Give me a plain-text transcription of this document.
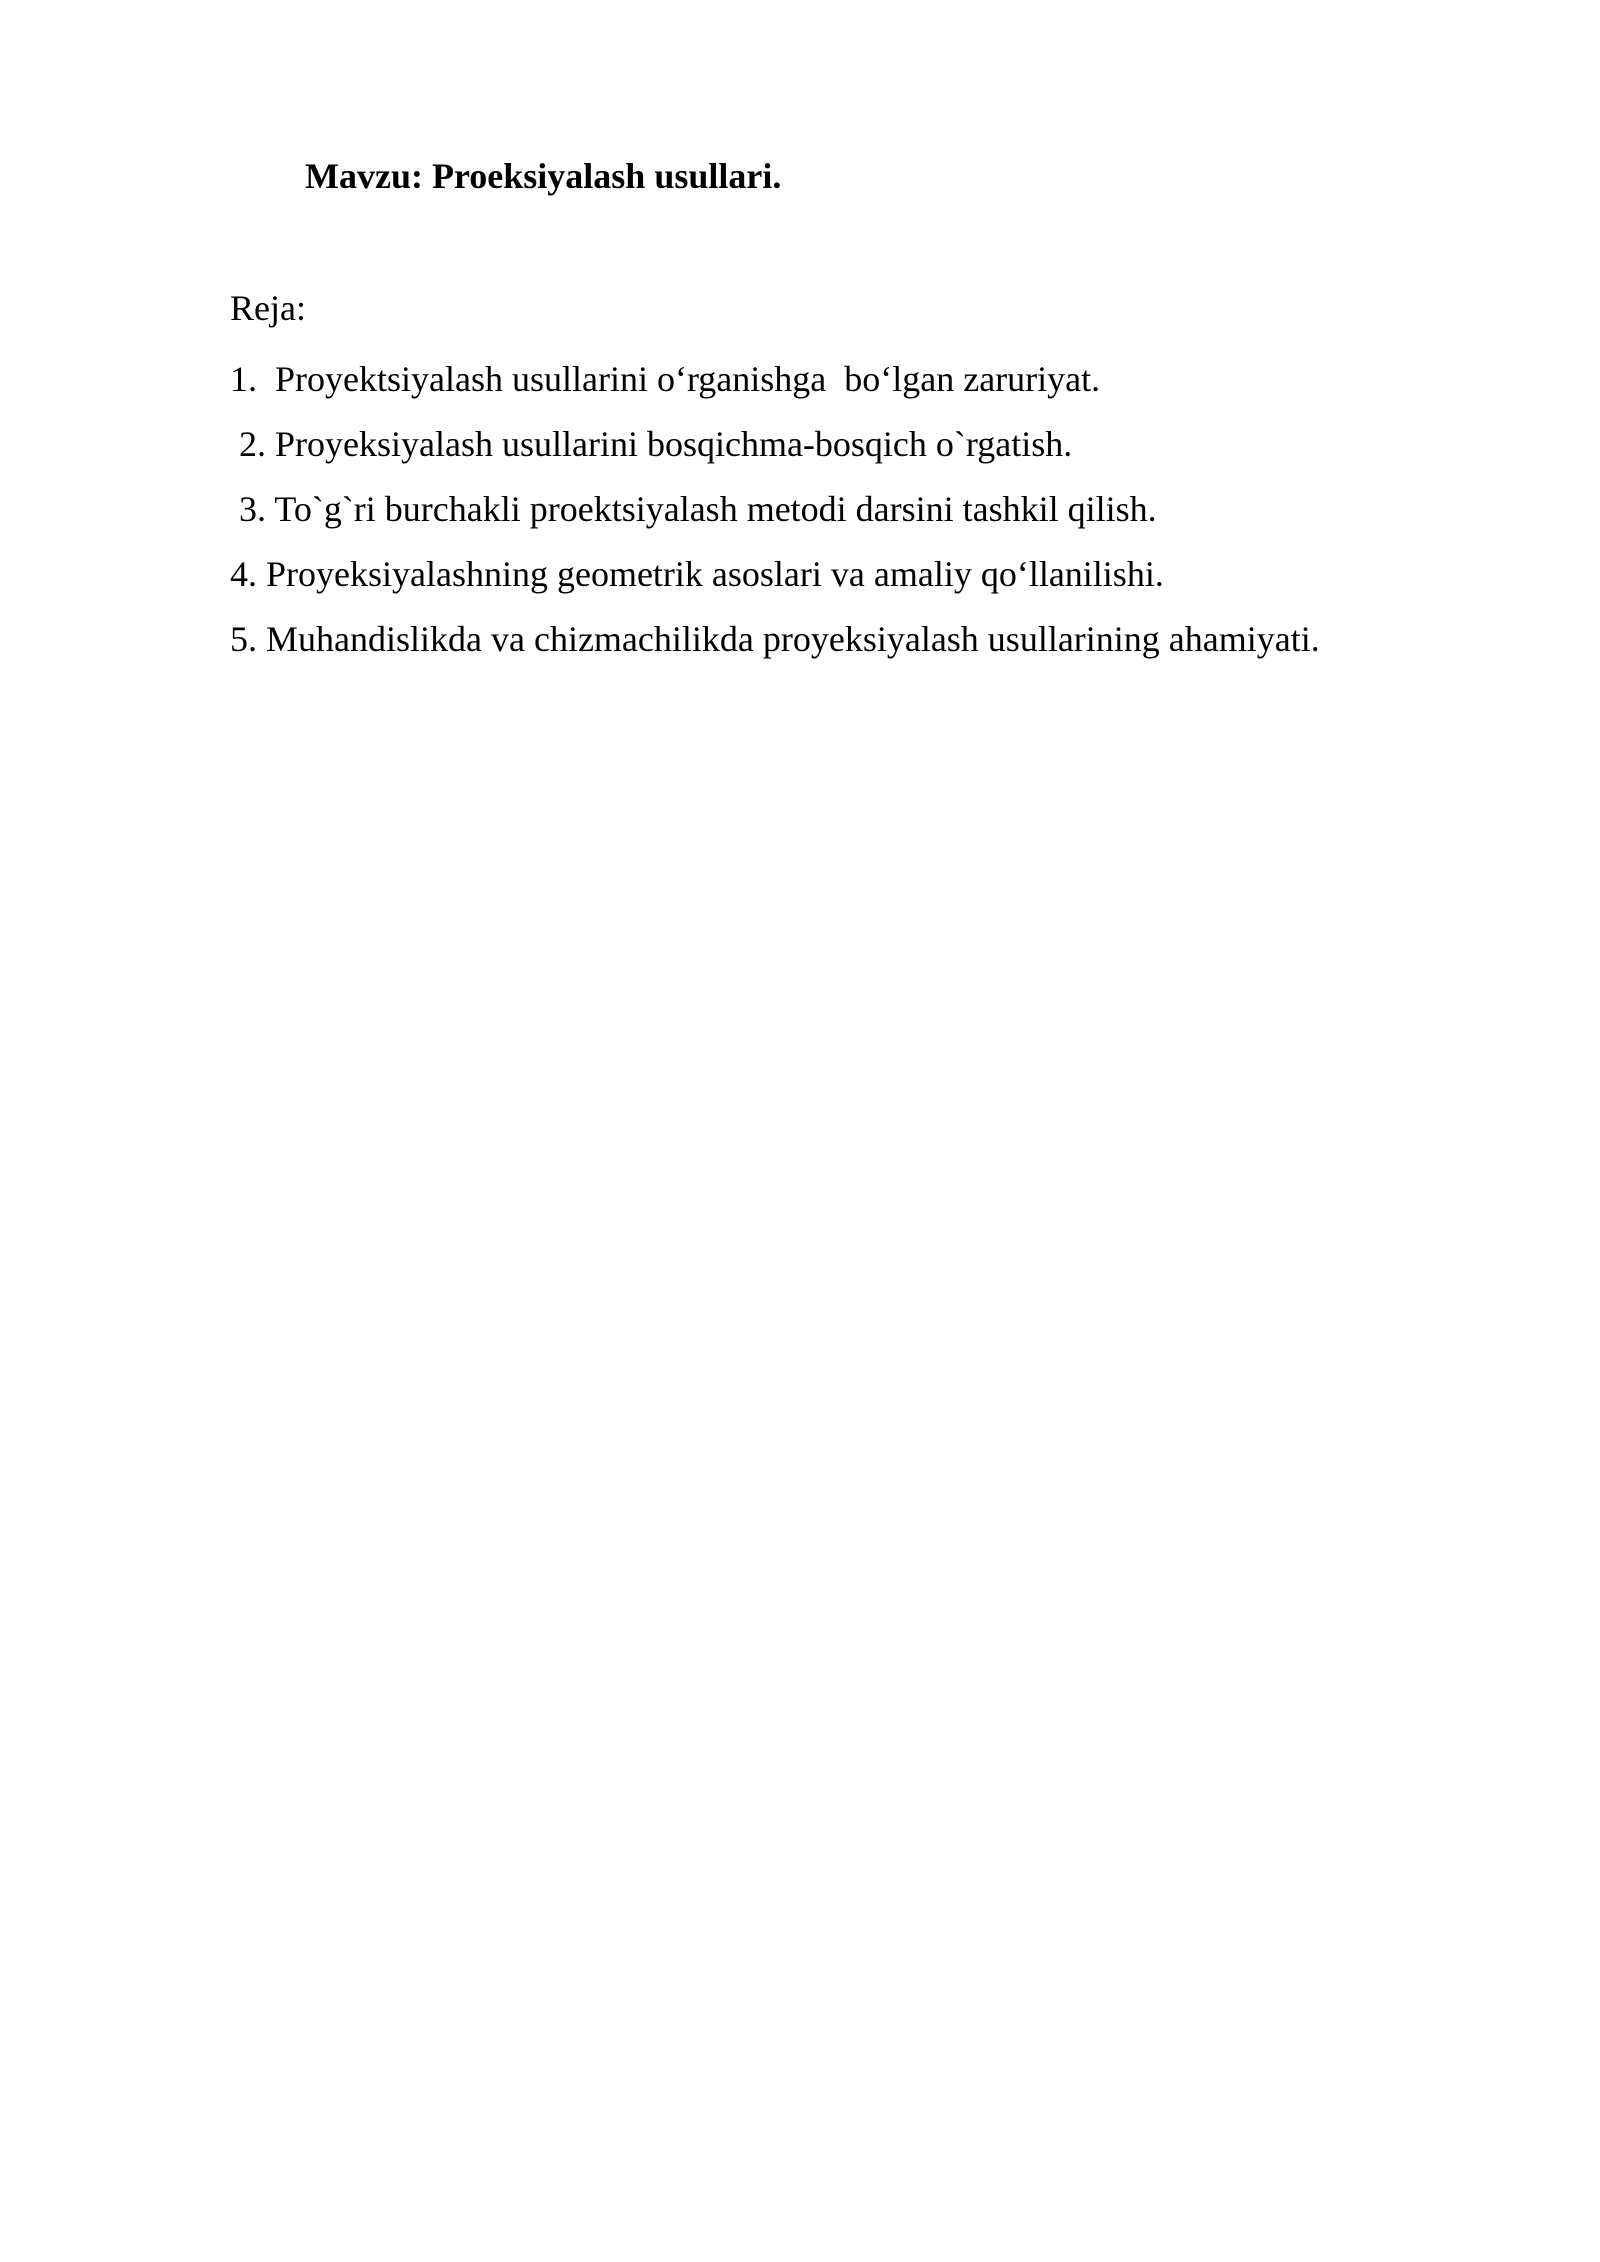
Mavzu: Proeksiyalash usullari.
Reja:
1.  Proyektsiyalash usullarini o‘rganishga  bo‘lgan zaruriyat.
2. Proyeksiyalash usullarini bosqichma-bosqich o`rgatish.
3. To`g`ri burchakli proektsiyalash metodi darsini tashkil qilish.
4. Proyeksiyalashning geometrik asoslari va amaliy qo‘llanilishi.
5. Muhandislikda va chizmachilikda proyeksiyalash usullarining ahamiyati.
